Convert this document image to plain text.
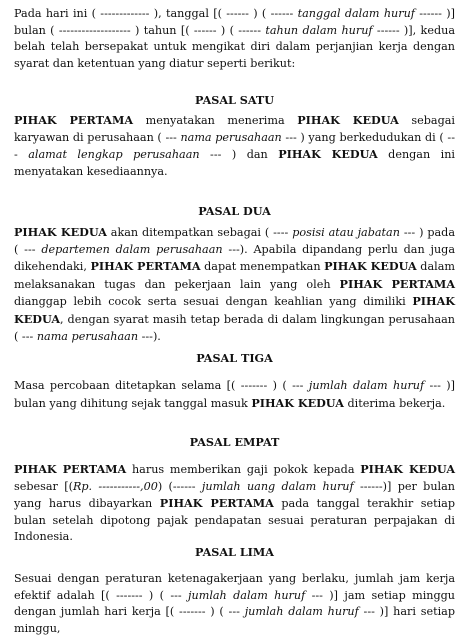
Pada hari ini ( ------------- ), tanggal [( ------ ) ( ------ tanggal dalam huruf ------ )] bulan ( ------------------- ) tahun [( ------ ) ( ------ tahun dalam huruf ------ )], kedua belah telah bersepakat untuk mengikat diri dalam perjanjian kerja dengan syarat dan ketentuan yang diatur seperti berikut:

PASAL SATU

PIHAK PERTAMA menyatakan menerima PIHAK KEDUA sebagai karyawan di perusahaan ( --- nama perusahaan --- ) yang berkedudukan di ( --- alamat lengkap perusahaan --- ) dan PIHAK KEDUA dengan ini menyatakan kesediaannya.

PASAL DUA

PIHAK KEDUA akan ditempatkan sebagai ( ---- posisi atau jabatan --- ) pada ( --- departemen dalam perusahaan ---). Apabila dipandang perlu dan juga dikehendaki, PIHAK PERTAMA dapat menempatkan PIHAK KEDUA dalam melaksanakan tugas dan pekerjaan lain yang oleh PIHAK PERTAMA dianggap lebih cocok serta sesuai dengan keahlian yang dimiliki PIHAK KEDUA, dengan syarat masih tetap berada di dalam lingkungan perusahaan ( --- nama perusahaan ---).

PASAL TIGA

Masa percobaan ditetapkan selama [( ------- ) ( --- jumlah dalam huruf --- )] bulan yang dihitung sejak tanggal masuk PIHAK KEDUA diterima bekerja.

PASAL EMPAT

PIHAK PERTAMA harus memberikan gaji pokok kepada PIHAK KEDUA sebesar [(Rp. -----------,00) (------ jumlah uang dalam huruf ------)] per bulan yang harus dibayarkan PIHAK PERTAMA pada tanggal terakhir setiap bulan setelah dipotong pajak pendapatan sesuai peraturan perpajakan di Indonesia.

PASAL LIMA

Sesuai dengan peraturan ketenagakerjaan yang berlaku, jumlah jam kerja efektif adalah [( ------- ) ( --- jumlah dalam huruf --- )] jam setiap minggu dengan jumlah hari kerja [( ------- ) ( --- jumlah dalam huruf --- )] hari setiap minggu,
